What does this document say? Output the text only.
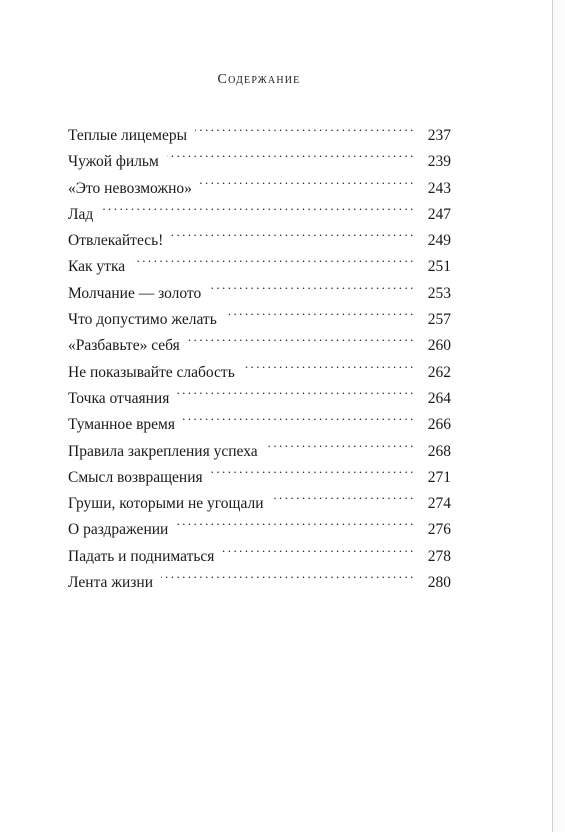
Содержание
Теплые лицемеры . . .	237
Чужой фильм . . .	239
«Это невозможно» . . .	243
Лад . . .	247
Отвлекайтесь! . . .	249
Как утка . . .	251
Молчание — золото . . .	253
Что допустимо желать . . .	257
«Разбавьте» себя . . .	260
Не показывайте слабость . . .	262
Точка отчаяния . . .	264
Туманное время . . .	266
Правила закрепления успеха . . .	268
Смысл возвращения . . .	271
Груши, которыми не угощали . . .	274
О раздражении . . .	276
Падать и подниматься . . .	278
Лента жизни . . .	280
